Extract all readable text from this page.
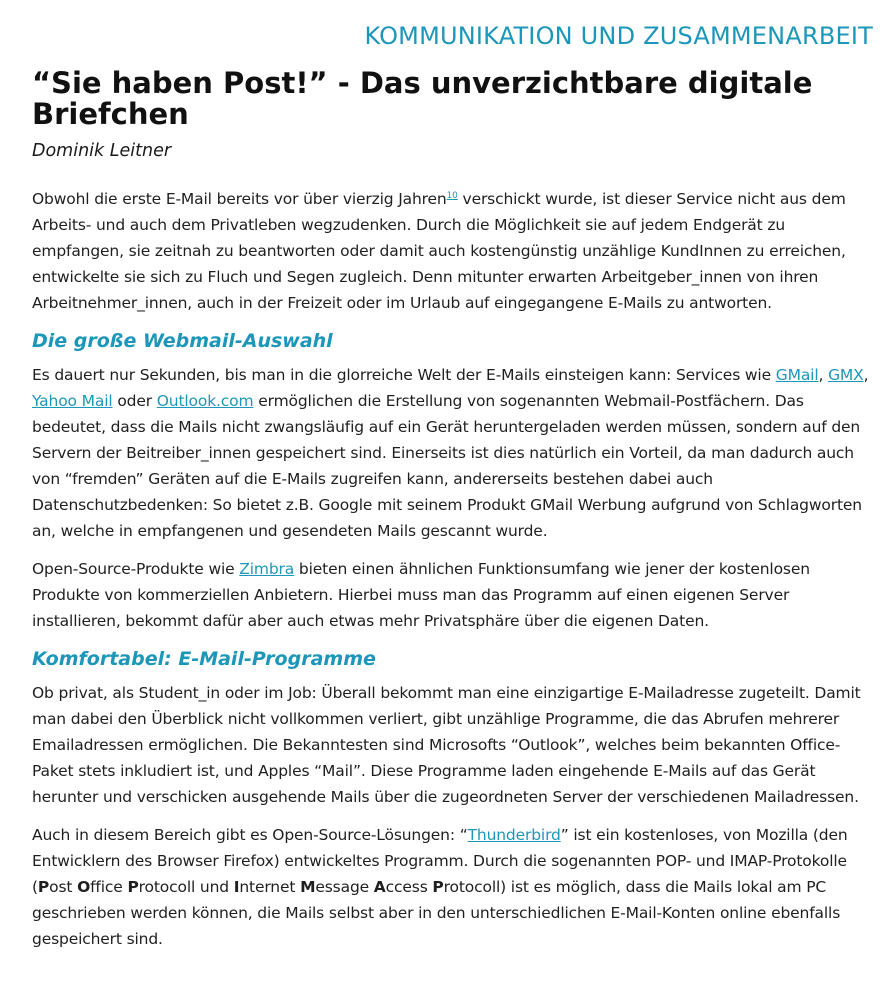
KOMMUNIKATION UND ZUSAMMENARBEIT
“Sie haben Post!” - Das unverzichtbare digitale Briefchen
Dominik Leitner

Obwohl die erste E-Mail bereits vor über vierzig Jahren$^{10}$ verschickt wurde, ist dieser Service nicht aus dem Arbeits- und auch dem Privatleben wegzudenken. Durch die Möglichkeit sie auf jedem Endgerät zu empfangen, sie zeitnah zu beantworten oder damit auch kostengünstig unzählige KundInnen zu erreichen, entwickelte sie sich zu Fluch und Segen zugleich. Denn mitunter erwarten Arbeitgeber_innen von ihren Arbeitnehmer_innen, auch in der Freizeit oder im Urlaub auf eingegangene E-Mails zu antworten.

Die große Webmail-Auswahl

Es dauert nur Sekunden, bis man in die glorreiche Welt der E-Mails einsteigen kann: Services wie GMail, GMX, Yahoo Mail oder Outlook.com ermöglichen die Erstellung von sogenannten Webmail-Postfächern. Das bedeutet, dass die Mails nicht zwangsläufig auf ein Gerät heruntergeladen werden müssen, sondern auf den Servern der Beitreiber_innen gespeichert sind. Einerseits ist dies natürlich ein Vorteil, da man dadurch auch von “fremden” Geräten auf die E-Mails zugreifen kann, andererseits bestehen dabei auch Datenschutzbedenken: So bietet z.B. Google mit seinem Produkt GMail Werbung aufgrund von Schlagworten an, welche in empfangenen und gesendeten Mails gescannt wurde.

Open-Source-Produkte wie Zimbra bieten einen ähnlichen Funktionsumfang wie jener der kostenlosen Produkte von kommerziellen Anbietern. Hierbei muss man das Programm auf einen eigenen Server installieren, bekommt dafür aber auch etwas mehr Privatsphäre über die eigenen Daten.

Komfortabel: E-Mail-Programme

Ob privat, als Student_in oder im Job: Überall bekommt man eine einzigartige E-Mailadresse zugeteilt. Damit man dabei den Überblick nicht vollkommen verliert, gibt unzählige Programme, die das Abrufen mehrerer Emailadressen ermöglichen. Die Bekanntesten sind Microsofts “Outlook”, welches beim bekannten Office-Paket stets inkludiert ist, und Apples “Mail”. Diese Programme laden eingehende E-Mails auf das Gerät herunter und verschicken ausgehende Mails über die zugeordneten Server der verschiedenen Mailadressen.

Auch in diesem Bereich gibt es Open-Source-Lösungen: “Thunderbird” ist ein kostenloses, von Mozilla (den Entwicklern des Browser Firefox) entwickeltes Programm. Durch die sogenannten POP- und IMAP-Protokolle (Post Office Protocoll und Internet Message Access Protocoll) ist es möglich, dass die Mails lokal am PC geschrieben werden können, die Mails selbst aber in den unterschiedlichen E-Mail-Konten online ebenfalls gespeichert sind.
